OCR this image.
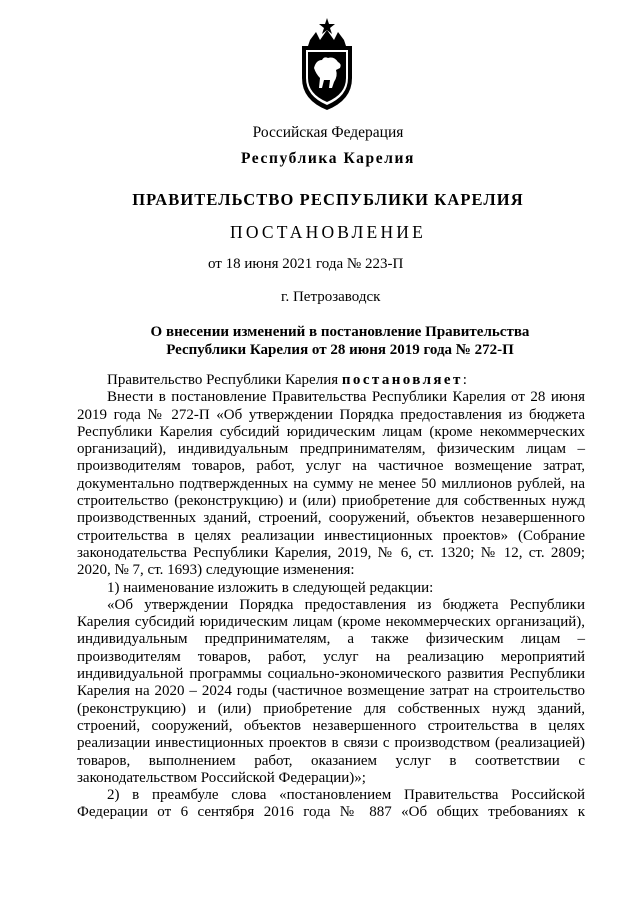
Российская Федерация
Республика Карелия
ПРАВИТЕЛЬСТВО РЕСПУБЛИКИ КАРЕЛИЯ
ПОСТАНОВЛЕНИЕ
от 18 июня 2021 года № 223-П
г. Петрозаводск
О внесении изменений в постановление Правительства
Республики Карелия от 28 июня 2019 года № 272-П
Правительство Республики Карелия постановляет:
Внести в постановление Правительства Республики Карелия от 28 июня
2019 года № 272-П «Об утверждении Порядка предоставления из бюджета
Республики Карелия субсидий юридическим лицам (кроме некоммерческих
организаций), индивидуальным предпринимателям, физическим лицам –
производителям товаров, работ, услуг на частичное возмещение затрат,
документально подтвержденных на сумму не менее 50 миллионов рублей, на
строительство (реконструкцию) и (или) приобретение для собственных нужд
производственных зданий, строений, сооружений, объектов незавершенного
строительства в целях реализации инвестиционных проектов» (Собрание
законодательства Республики Карелия, 2019, № 6, ст. 1320; № 12, ст. 2809;
2020, № 7, ст. 1693) следующие изменения:
1) наименование изложить в следующей редакции:
«Об утверждении Порядка предоставления из бюджета Республики
Карелия субсидий юридическим лицам (кроме некоммерческих организаций),
индивидуальным предпринимателям, а также физическим лицам –
производителям товаров, работ, услуг на реализацию мероприятий
индивидуальной программы социально-экономического развития Республики
Карелия на 2020 – 2024 годы (частичное возмещение затрат на строительство
(реконструкцию) и (или) приобретение для собственных нужд зданий,
строений, сооружений, объектов незавершенного строительства в целях
реализации инвестиционных проектов в связи с производством (реализацией)
товаров, выполнением работ, оказанием услуг в соответствии с
законодательством Российской Федерации)»;
2) в преамбуле слова «постановлением Правительства Российской
Федерации от 6 сентября 2016 года № 887 «Об общих требованиях к
